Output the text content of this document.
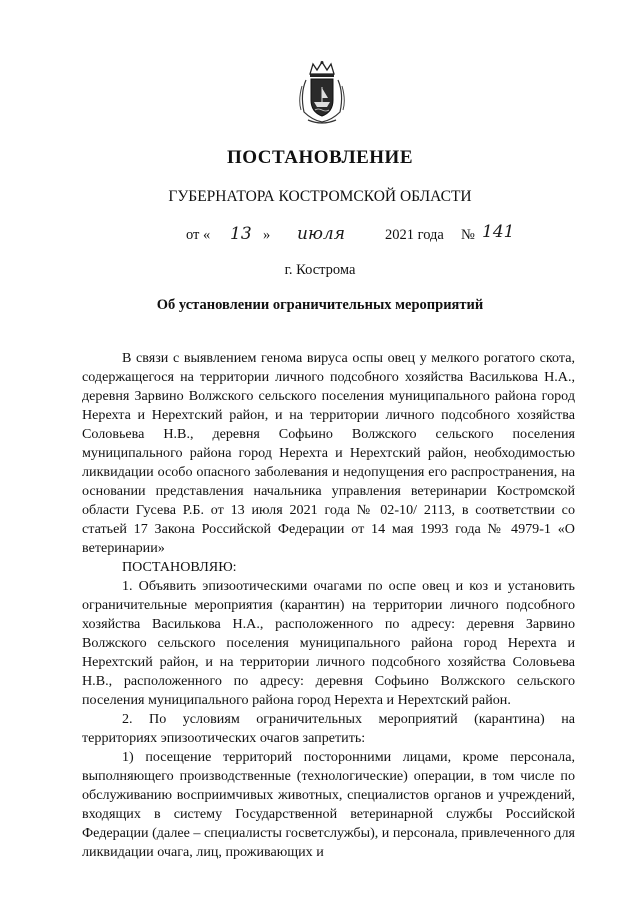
ПОСТАНОВЛЕНИЕ
ГУБЕРНАТОРА КОСТРОМСКОЙ ОБЛАСТИ
от « 13 » июля	2021 года № 141
г. Кострома
Об установлении ограничительных мероприятий

В связи с выявлением генома вируса оспы овец у мелкого рогатого скота, содержащегося на территории личного подсобного хозяйства Василькова Н.А., деревня Зарвино Волжского сельского поселения муниципального района город Нерехта и Нерехтский район, и на территории личного подсобного хозяйства Соловьева Н.В., деревня Софьино Волжского сельского поселения муниципального района город Нерехта и Нерехтский район, необходимостью ликвидации особо опасного заболевания и недопущения его распространения, на основании представления начальника управления ветеринарии Костромской области Гусева Р.Б. от 13 июля 2021 года № 02-10/ 2113, в соответствии со статьей 17 Закона Российской Федерации от 14 мая 1993 года № 4979-1 «О ветеринарии»

ПОСТАНОВЛЯЮ:

1. Объявить эпизоотическими очагами по оспе овец и коз и установить ограничительные мероприятия (карантин) на территории личного подсобного хозяйства Василькова Н.А., расположенного по адресу: деревня Зарвино Волжского сельского поселения муниципального района город Нерехта и Нерехтский район, и на территории личного подсобного хозяйства Соловьева Н.В., расположенного по адресу: деревня Софьино Волжского сельского поселения муниципального района город Нерехта и Нерехтский район.

2. По условиям ограничительных мероприятий (карантина) на территориях эпизоотических очагов запретить:

1) посещение территорий посторонними лицами, кроме персонала, выполняющего производственные (технологические) операции, в том числе по обслуживанию восприимчивых животных, специалистов органов и учреждений, входящих в систему Государственной ветеринарной службы Российской Федерации (далее – специалисты госветслужбы), и персонала, привлеченного для ликвидации очага, лиц, проживающих и
